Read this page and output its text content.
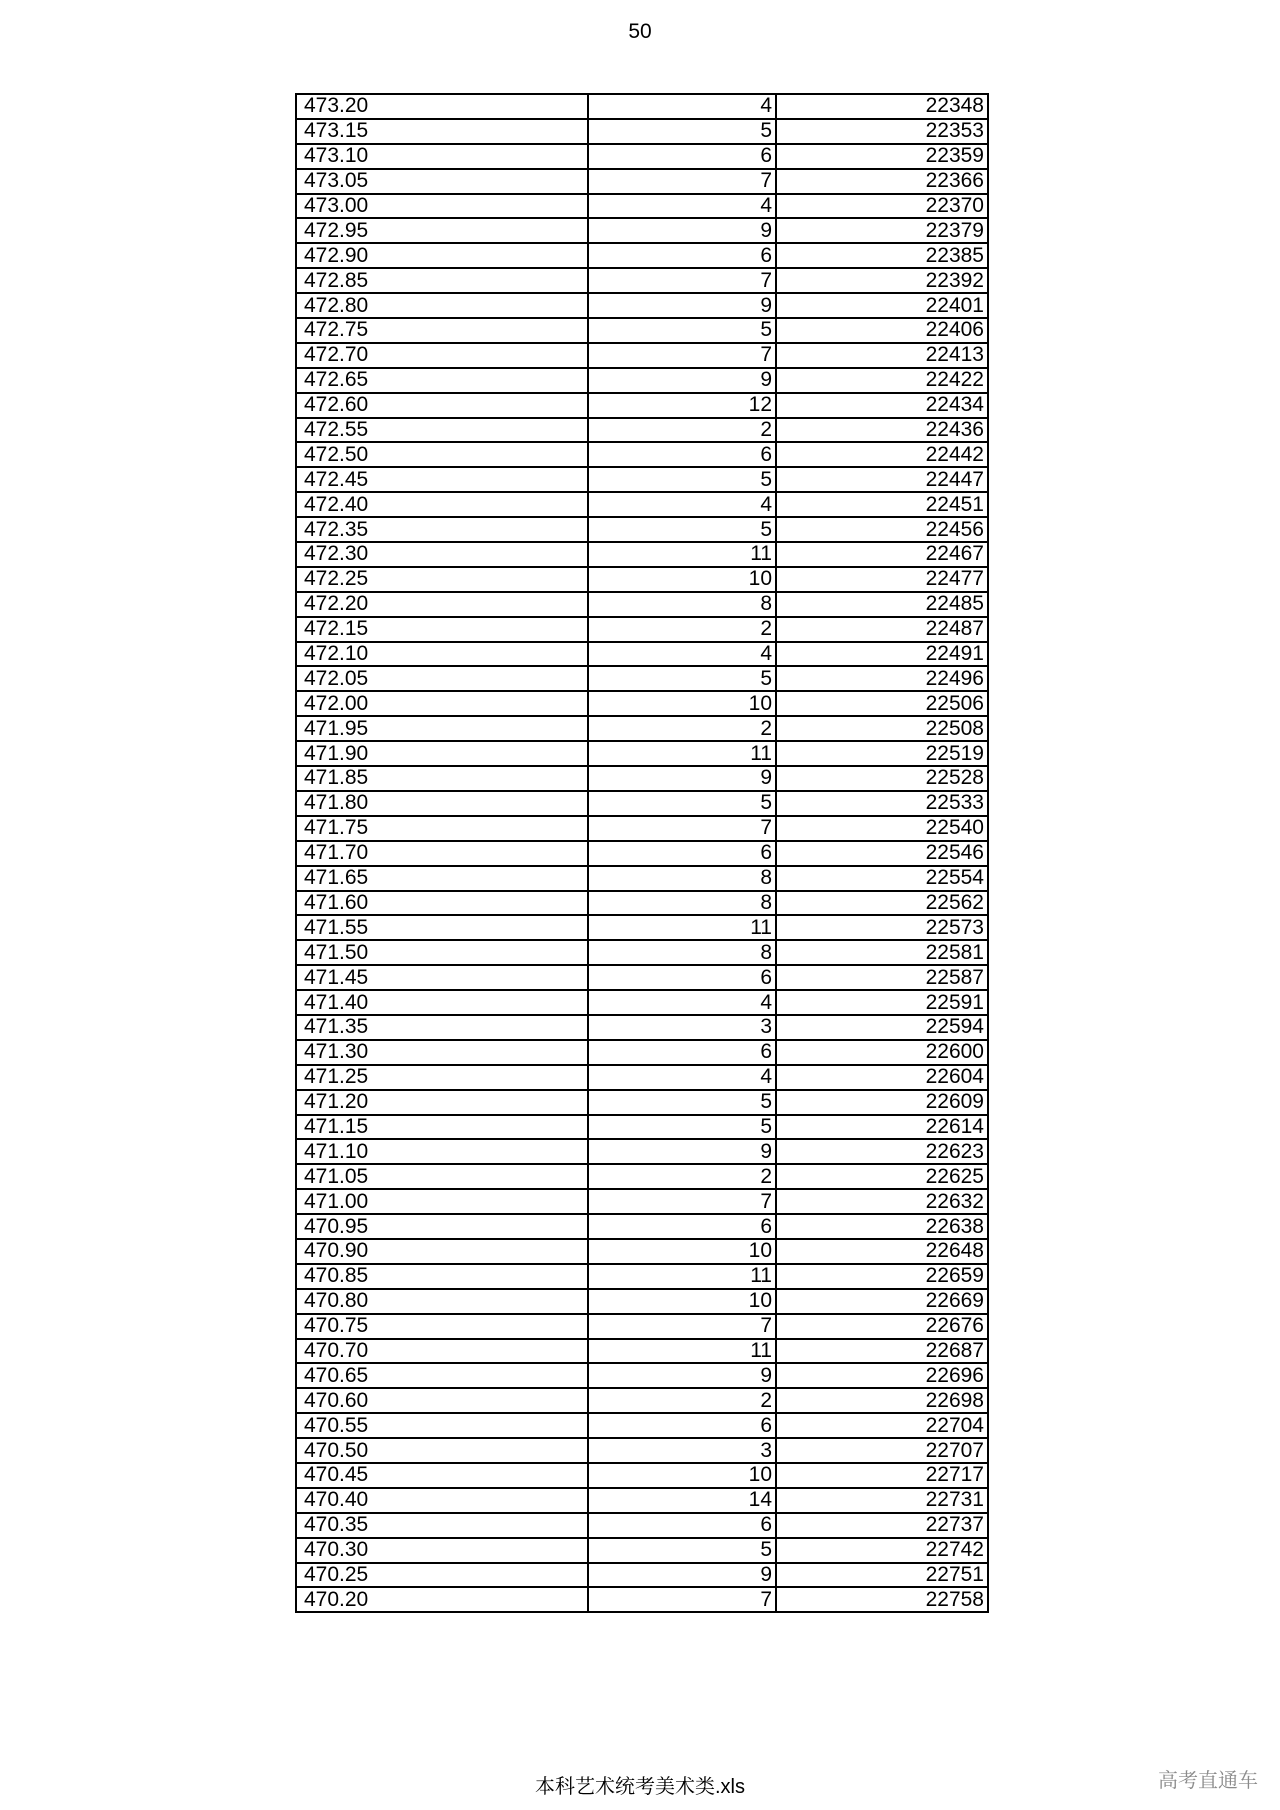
50
473.20	4	22348
473.15	5	22353
473.10	6	22359
473.05	7	22366
473.00	4	22370
472.95	9	22379
472.90	6	22385
472.85	7	22392
472.80	9	22401
472.75	5	22406
472.70	7	22413
472.65	9	22422
472.60	12	22434
472.55	2	22436
472.50	6	22442
472.45	5	22447
472.40	4	22451
472.35	5	22456
472.30	11	22467
472.25	10	22477
472.20	8	22485
472.15	2	22487
472.10	4	22491
472.05	5	22496
472.00	10	22506
471.95	2	22508
471.90	11	22519
471.85	9	22528
471.80	5	22533
471.75	7	22540
471.70	6	22546
471.65	8	22554
471.60	8	22562
471.55	11	22573
471.50	8	22581
471.45	6	22587
471.40	4	22591
471.35	3	22594
471.30	6	22600
471.25	4	22604
471.20	5	22609
471.15	5	22614
471.10	9	22623
471.05	2	22625
471.00	7	22632
470.95	6	22638
470.90	10	22648
470.85	11	22659
470.80	10	22669
470.75	7	22676
470.70	11	22687
470.65	9	22696
470.60	2	22698
470.55	6	22704
470.50	3	22707
470.45	10	22717
470.40	14	22731
470.35	6	22737
470.30	5	22742
470.25	9	22751
470.20	7	22758
本科艺术统考美术类.xls	高考直通车
